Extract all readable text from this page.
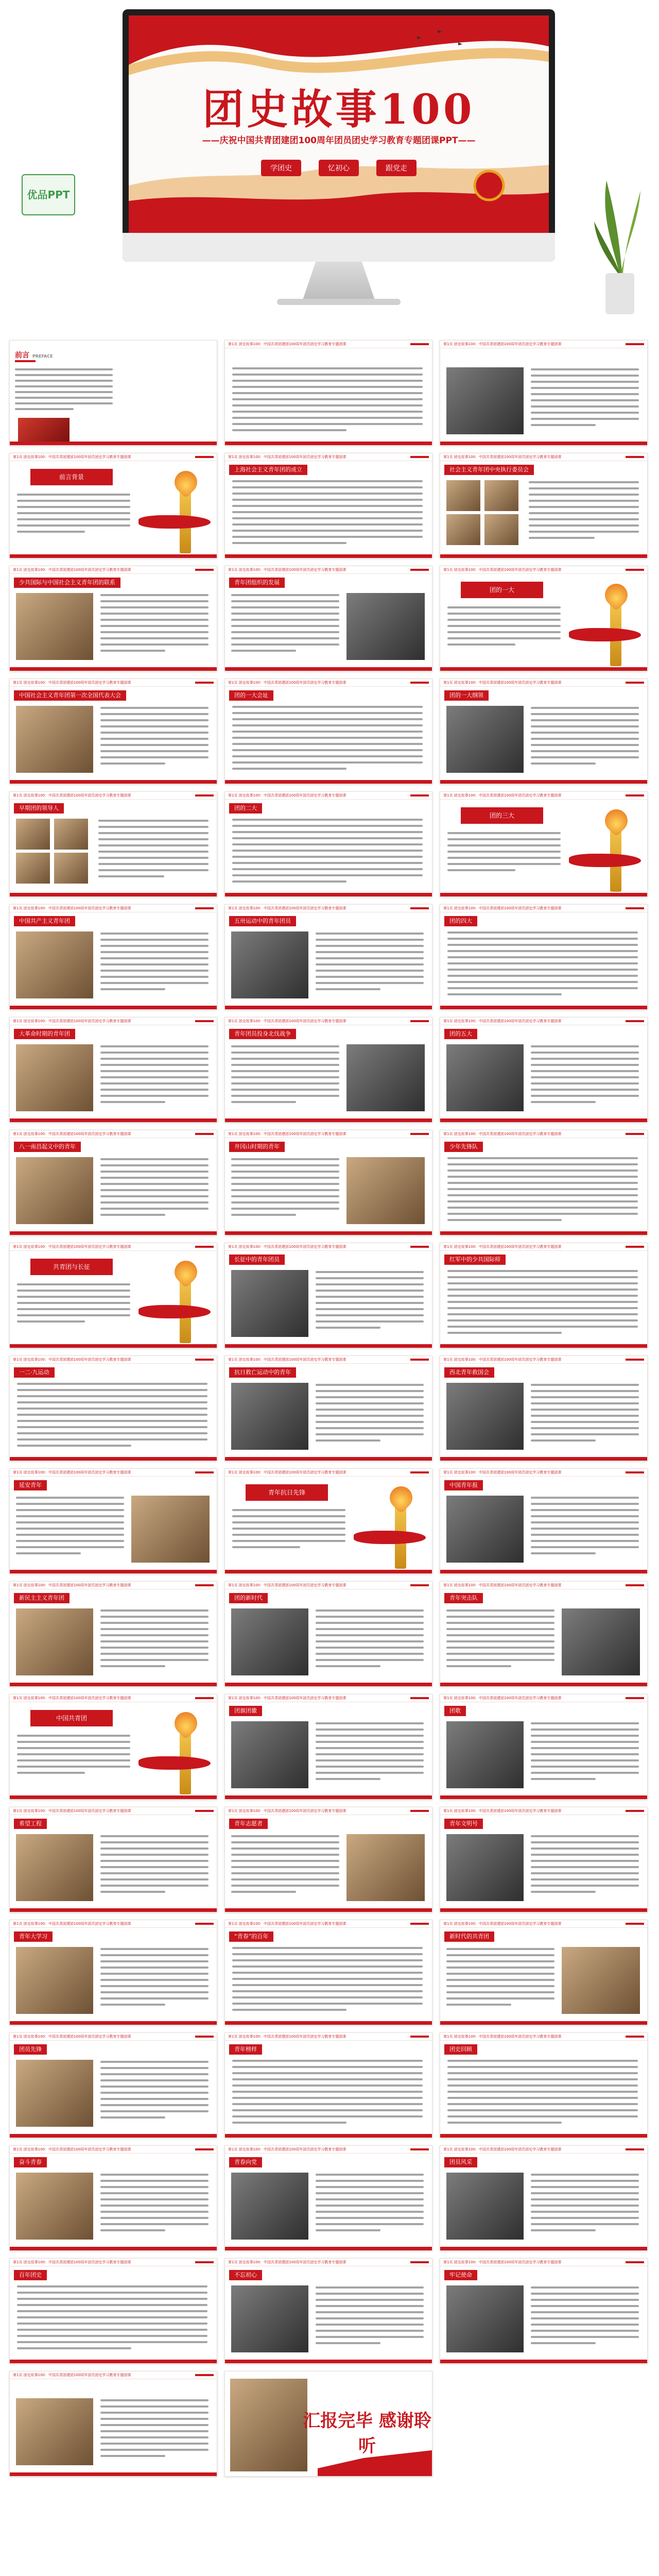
团史故事100
——庆祝中国共青团建团100周年团员团史学习教育专题团课PPT——
学团史	忆初心	跟党走
优品PPT
前言 PREFACE
第1页 团史故事100：中国共青团建团100周年团员团史学习教育专题团课	第1页 团史故事100：中国共青团建团100周年团员团史学习教育专题团课
第1页 团史故事100：中国共青团建团100周年团员团史学习教育专题团课
前言背景
第1页 团史故事100：中国共青团建团100周年团员团史学习教育专题团课
上海社会主义青年团的成立
第1页 团史故事100：中国共青团建团100周年团员团史学习教育专题团课
社会主义青年团中央执行委员会
第1页 团史故事100：中国共青团建团100周年团员团史学习教育专题团课
少共国际与中国社会主义青年团的联系
第1页 团史故事100：中国共青团建团100周年团员团史学习教育专题团课
青年团组织的发展
第1页 团史故事100：中国共青团建团100周年团员团史学习教育专题团课
团的一大
第1页 团史故事100：中国共青团建团100周年团员团史学习教育专题团课
中国社会主义青年团第一次全国代表大会
第1页 团史故事100：中国共青团建团100周年团员团史学习教育专题团课
团的一大会址
第1页 团史故事100：中国共青团建团100周年团员团史学习教育专题团课
团的一大纲领
第1页 团史故事100：中国共青团建团100周年团员团史学习教育专题团课
早期团的领导人
第1页 团史故事100：中国共青团建团100周年团员团史学习教育专题团课
团的二大
第1页 团史故事100：中国共青团建团100周年团员团史学习教育专题团课
团的三大
第1页 团史故事100：中国共青团建团100周年团员团史学习教育专题团课
中国共产主义青年团
第1页 团史故事100：中国共青团建团100周年团员团史学习教育专题团课
五卅运动中的青年团员
第1页 团史故事100：中国共青团建团100周年团员团史学习教育专题团课
团的四大
第1页 团史故事100：中国共青团建团100周年团员团史学习教育专题团课
大革命时期的青年团
第1页 团史故事100：中国共青团建团100周年团员团史学习教育专题团课
青年团员投身北伐战争
第1页 团史故事100：中国共青团建团100周年团员团史学习教育专题团课
团的五大
第1页 团史故事100：中国共青团建团100周年团员团史学习教育专题团课
八一南昌起义中的青年
第1页 团史故事100：中国共青团建团100周年团员团史学习教育专题团课
井冈山时期的青年
第1页 团史故事100：中国共青团建团100周年团员团史学习教育专题团课
少年先锋队
第1页 团史故事100：中国共青团建团100周年团员团史学习教育专题团课
共青团与长征
第1页 团史故事100：中国共青团建团100周年团员团史学习教育专题团课
长征中的青年团员
第1页 团史故事100：中国共青团建团100周年团员团史学习教育专题团课
红军中的少共国际师
第1页 团史故事100：中国共青团建团100周年团员团史学习教育专题团课
一二·九运动
第1页 团史故事100：中国共青团建团100周年团员团史学习教育专题团课
抗日救亡运动中的青年
第1页 团史故事100：中国共青团建团100周年团员团史学习教育专题团课
西北青年救国会
第1页 团史故事100：中国共青团建团100周年团员团史学习教育专题团课
延安青年
第1页 团史故事100：中国共青团建团100周年团员团史学习教育专题团课
青年抗日先锋
第1页 团史故事100：中国共青团建团100周年团员团史学习教育专题团课
中国青年报
第1页 团史故事100：中国共青团建团100周年团员团史学习教育专题团课
新民主主义青年团
第1页 团史故事100：中国共青团建团100周年团员团史学习教育专题团课
团的新时代
第1页 团史故事100：中国共青团建团100周年团员团史学习教育专题团课
青年突击队
第1页 团史故事100：中国共青团建团100周年团员团史学习教育专题团课
中国共青团
第1页 团史故事100：中国共青团建团100周年团员团史学习教育专题团课
团旗团徽
第1页 团史故事100：中国共青团建团100周年团员团史学习教育专题团课
团歌
第1页 团史故事100：中国共青团建团100周年团员团史学习教育专题团课
希望工程
第1页 团史故事100：中国共青团建团100周年团员团史学习教育专题团课
青年志愿者
第1页 团史故事100：中国共青团建团100周年团员团史学习教育专题团课
青年文明号
第1页 团史故事100：中国共青团建团100周年团员团史学习教育专题团课
青年大学习
第1页 团史故事100：中国共青团建团100周年团员团史学习教育专题团课
“青春”的百年
第1页 团史故事100：中国共青团建团100周年团员团史学习教育专题团课
新时代的共青团
第1页 团史故事100：中国共青团建团100周年团员团史学习教育专题团课
团员先锋
第1页 团史故事100：中国共青团建团100周年团员团史学习教育专题团课
青年榜样
第1页 团史故事100：中国共青团建团100周年团员团史学习教育专题团课
团史回顾
第1页 团史故事100：中国共青团建团100周年团员团史学习教育专题团课
奋斗青春
第1页 团史故事100：中国共青团建团100周年团员团史学习教育专题团课
青春向党
第1页 团史故事100：中国共青团建团100周年团员团史学习教育专题团课
团员风采
第1页 团史故事100：中国共青团建团100周年团员团史学习教育专题团课
百年团史
第1页 团史故事100：中国共青团建团100周年团员团史学习教育专题团课
不忘初心
第1页 团史故事100：中国共青团建团100周年团员团史学习教育专题团课
牢记使命
第1页 团史故事100：中国共青团建团100周年团员团史学习教育专题团课
汇报完毕 感谢聆听
